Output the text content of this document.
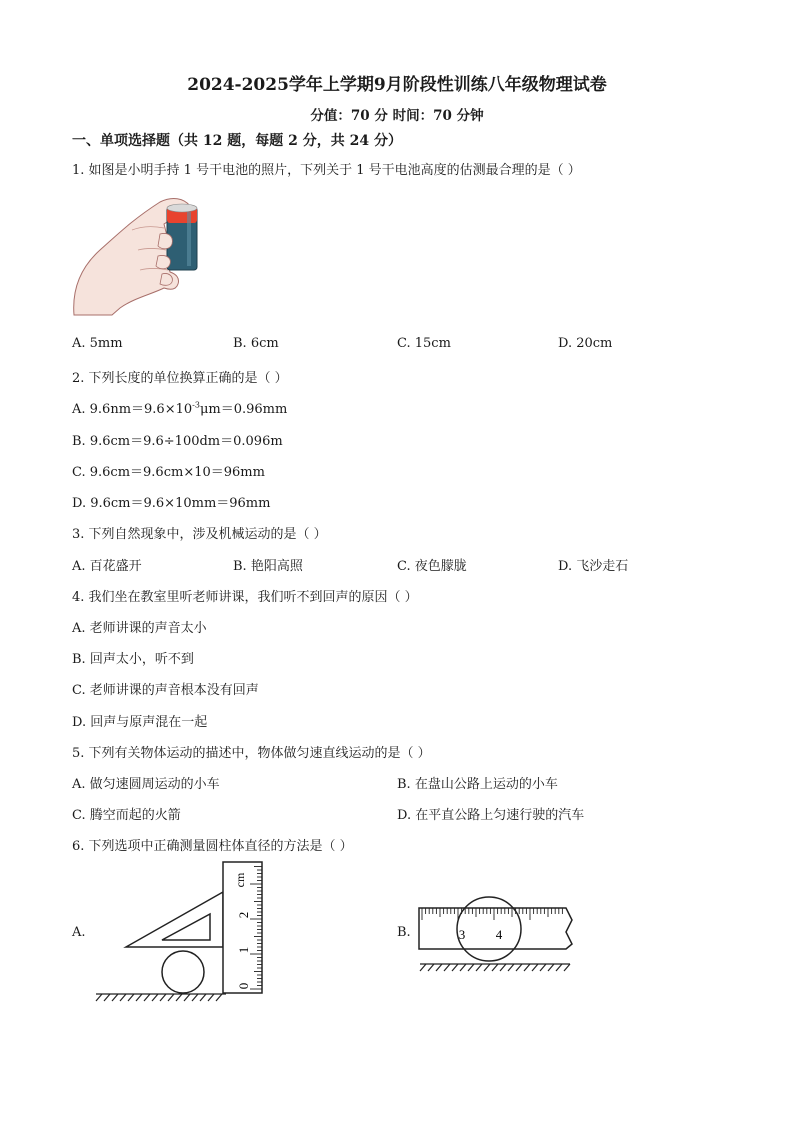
2024-2025学年上学期9月阶段性训练八年级物理试卷
分值：70 分 时间：70 分钟
一、单项选择题（共 12 题，每题 2 分，共 24 分）
1. 如图是小明手持 1 号干电池的照片，下列关于 1 号干电池高度的估测最合理的是（ ）
A. 5mm	B. 6cm	C. 15cm	D. 20cm
2. 下列长度的单位换算正确的是（ ）
A. $9.6nm=9.6\times 10^{-3}\mu m=0.96mm$
B. 9.6cm＝9.6÷100dm＝0.096m
C. 9.6cm＝9.6cm×10＝96mm
D. 9.6cm＝9.6×10mm＝96mm
3. 下列自然现象中，涉及机械运动的是（ ）
A. 百花盛开	B. 艳阳高照	C. 夜色朦胧	D. 飞沙走石
4. 我们坐在教室里听老师讲课，我们听不到回声的原因（ ）
A. 老师讲课的声音太小
B. 回声太小，听不到
C. 老师讲课的声音根本没有回声
D. 回声与原声混在一起
5. 下列有关物体运动的描述中，物体做匀速直线运动的是（ ）
A. 做匀速圆周运动的小车	B. 在盘山公路上运动的小车
C. 腾空而起的火箭	D. 在平直公路上匀速行驶的汽车
6. 下列选项中正确测量圆柱体直径的方法是（ ）
A.	B.
cm
0
1
2
3 4
